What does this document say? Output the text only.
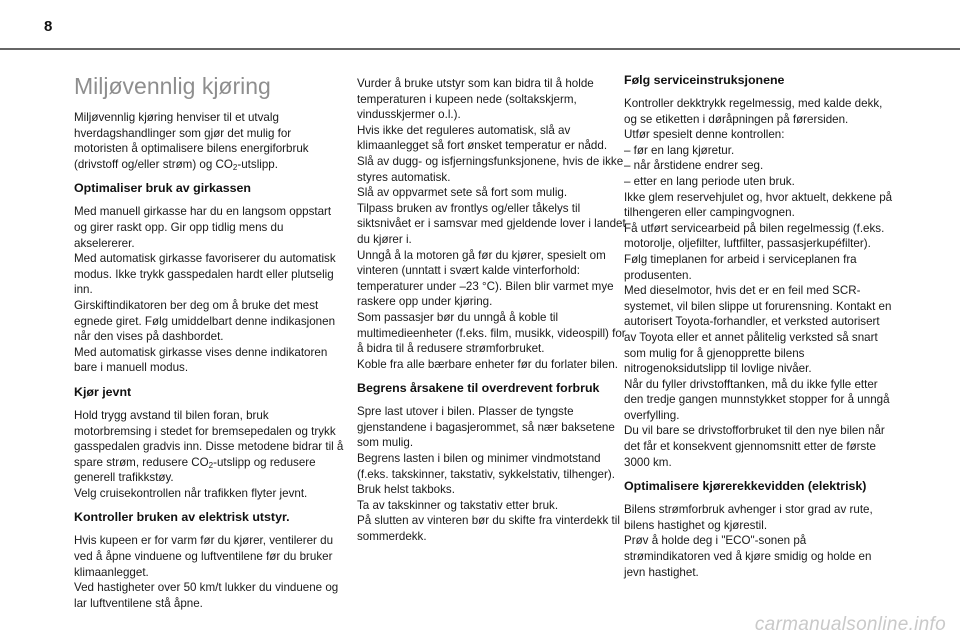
8
Miljøvennlig kjøring

Miljøvennlig kjøring henviser til et utvalg hverdagshandlinger som gjør det mulig for motoristen å optimalisere bilens energiforbruk (drivstoff og/eller strøm) og $CO_2$-utslipp.

Optimaliser bruk av girkassen

Med manuell girkasse har du en langsom oppstart og girer raskt opp. Gir opp tidlig mens du akselererer.
Med automatisk girkasse favoriserer du automatisk modus. Ikke trykk gasspedalen hardt eller plutselig inn.
Girskiftindikatoren ber deg om å bruke det mest egnede giret. Følg umiddelbart denne indikasjonen når den vises på dashbordet.
Med automatisk girkasse vises denne indikatoren bare i manuell modus.

Kjør jevnt

Hold trygg avstand til bilen foran, bruk motorbremsing i stedet for bremsepedalen og trykk gasspedalen gradvis inn. Disse metodene bidrar til å spare strøm, redusere $CO_2$-utslipp og redusere generell trafikkstøy.
Velg cruisekontrollen når trafikken flyter jevnt.

Kontroller bruken av elektrisk utstyr.

Hvis kupeen er for varm før du kjører, ventilerer du ved å åpne vinduene og luftventilene før du bruker klimaanlegget.
Ved hastigheter over 50 km/t lukker du vinduene og lar luftventilene stå åpne.

Vurder å bruke utstyr som kan bidra til å holde temperaturen i kupeen nede (soltakskjerm, vindusskjermer o.l.).
Hvis ikke det reguleres automatisk, slå av klimaanlegget så fort ønsket temperatur er nådd.
Slå av dugg- og isfjerningsfunksjonene, hvis de ikke styres automatisk.
Slå av oppvarmet sete så fort som mulig.
Tilpass bruken av frontlys og/eller tåkelys til siktsnivået er i samsvar med gjeldende lover i landet du kjører i.
Unngå å la motoren gå før du kjører, spesielt om vinteren (unntatt i svært kalde vinterforhold: temperaturer under –23 °C). Bilen blir varmet mye raskere opp under kjøring.
Som passasjer bør du unngå å koble til multimedieenheter (f.eks. film, musikk, videospill) for å bidra til å redusere strømforbruket.
Koble fra alle bærbare enheter før du forlater bilen.

Begrens årsakene til overdrevent forbruk

Spre last utover i bilen. Plasser de tyngste gjenstandene i bagasjerommet, så nær baksetene som mulig.
Begrens lasten i bilen og minimer vindmotstand (f.eks. takskinner, takstativ, sykkelstativ, tilhenger). Bruk helst takboks.
Ta av takskinner og takstativ etter bruk.
På slutten av vinteren bør du skifte fra vinterdekk til sommerdekk.

Følg serviceinstruksjonene

Kontroller dekktrykk regelmessig, med kalde dekk, og se etiketten i døråpningen på førersiden.
Utfør spesielt denne kontrollen:
– før en lang kjøretur.
– når årstidene endrer seg.
– etter en lang periode uten bruk.
Ikke glem reservehjulet og, hvor aktuelt, dekkene på tilhengeren eller campingvognen.
Få utført servicearbeid på bilen regelmessig (f.eks. motorolje, oljefilter, luftfilter, passasjerkupéfilter). Følg timeplanen for arbeid i serviceplanen fra produsenten.
Med dieselmotor, hvis det er en feil med SCR-systemet, vil bilen slippe ut forurensning. Kontakt en autorisert Toyota-forhandler, et verksted autorisert av Toyota eller et annet pålitelig verksted så snart som mulig for å gjenopprette bilens nitrogenoksidutslipp til lovlige nivåer.
Når du fyller drivstofftanken, må du ikke fylle etter den tredje gangen munnstykket stopper for å unngå overfylling.
Du vil bare se drivstofforbruket til den nye bilen når det får et konsekvent gjennomsnitt etter de første 3000 km.

Optimalisere kjørerekkevidden (elektrisk)

Bilens strømforbruk avhenger i stor grad av rute, bilens hastighet og kjørestil.
Prøv å holde deg i "ECO"-sonen på strømindikatoren ved å kjøre smidig og holde en jevn hastighet.

carmanualsonline.info
